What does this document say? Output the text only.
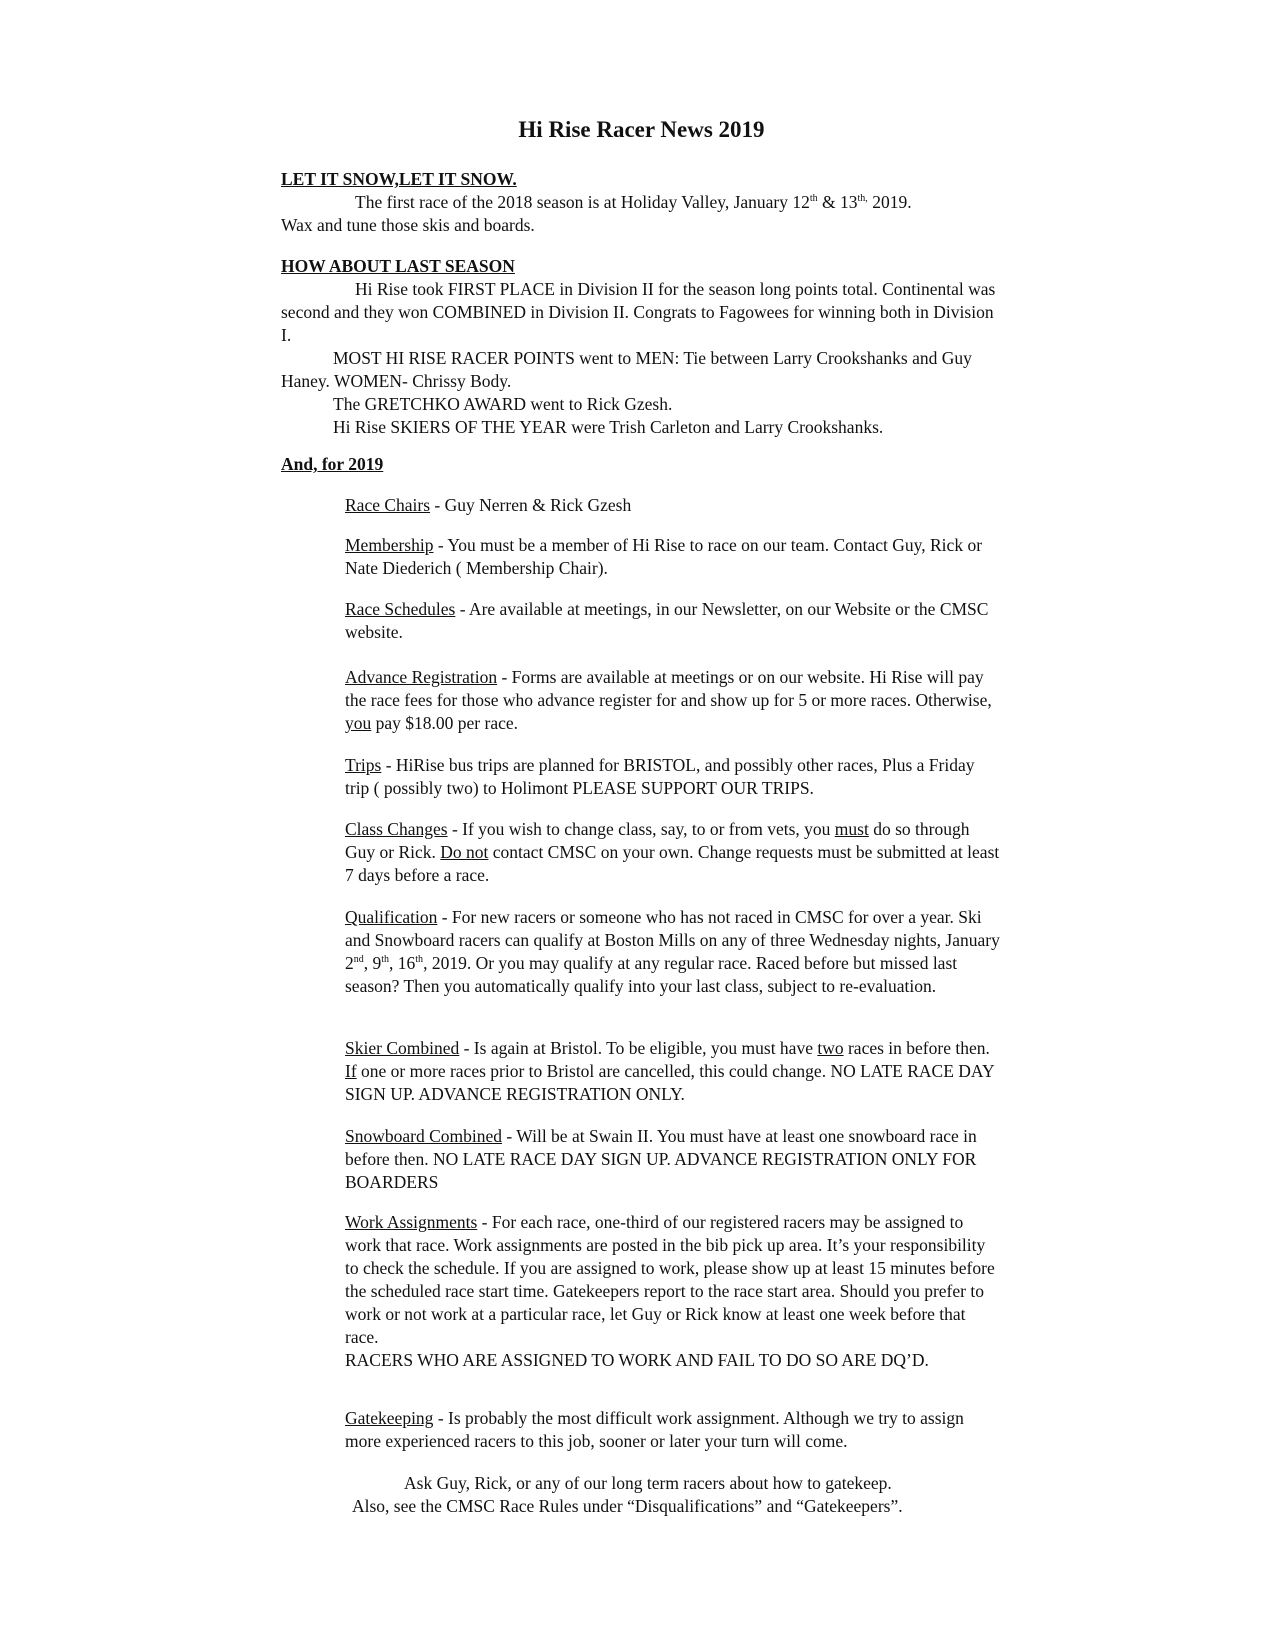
Hi Rise Racer News 2019
LET IT SNOW,LET IT SNOW.

The first race of the 2018 season is at Holiday Valley, January 12th & $13^{th,}$ 2019.

Wax and tune those skis and boards.

HOW ABOUT LAST SEASON

Hi Rise took FIRST PLACE in Division II for the season long points total. Continental was second and they won COMBINED in Division II. Congrats to Fagowees for winning both in Division I.

MOST HI RISE RACER POINTS went to MEN: Tie between Larry Crookshanks and Guy Haney. WOMEN- Chrissy Body.

The GRETCHKO AWARD went to Rick Gzesh.

Hi Rise SKIERS OF THE YEAR were Trish Carleton and Larry Crookshanks.

And, for 2019

Race Chairs - Guy Nerren & Rick Gzesh

Membership - You must be a member of Hi Rise to race on our team. Contact Guy, Rick or Nate Diederich ( Membership Chair).

Race Schedules - Are available at meetings, in our Newsletter, on our Website or the CMSC website.

Advance Registration - Forms are available at meetings or on our website. Hi Rise will pay the race fees for those who advance register for and show up for 5 or more races. Otherwise, you pay $18.00 per race.

Trips - HiRise bus trips are planned for BRISTOL, and possibly other races, Plus a Friday trip ( possibly two) to Holimont PLEASE SUPPORT OUR TRIPS.

Class Changes - If you wish to change class, say, to or from vets, you must do so through Guy or Rick. Do not contact CMSC on your own. Change requests must be submitted at least 7 days before a race.

Qualification - For new racers or someone who has not raced in CMSC for over a year. Ski and Snowboard racers can qualify at Boston Mills on any of three Wednesday nights, January 2nd, 9th, 16th, 2019. Or you may qualify at any regular race. Raced before but missed last season? Then you automatically qualify into your last class, subject to re-evaluation.

Skier Combined - Is again at Bristol. To be eligible, you must have two races in before then. If one or more races prior to Bristol are cancelled, this could change. NO LATE RACE DAY SIGN UP. ADVANCE REGISTRATION ONLY.

Snowboard Combined - Will be at Swain II. You must have at least one snowboard race in before then. NO LATE RACE DAY SIGN UP. ADVANCE REGISTRATION ONLY FOR BOARDERS

Work Assignments - For each race, one-third of our registered racers may be assigned to work that race. Work assignments are posted in the bib pick up area. It’s your responsibility to check the schedule. If you are assigned to work, please show up at least 15 minutes before the scheduled race start time. Gatekeepers report to the race start area. Should you prefer to work or not work at a particular race, let Guy or Rick know at least one week before that race.

RACERS WHO ARE ASSIGNED TO WORK AND FAIL TO DO SO ARE DQ’D.

Gatekeeping - Is probably the most difficult work assignment. Although we try to assign more experienced racers to this job, sooner or later your turn will come.

Ask Guy, Rick, or any of our long term racers about how to gatekeep.

Also, see the CMSC Race Rules under “Disqualifications” and “Gatekeepers”.
